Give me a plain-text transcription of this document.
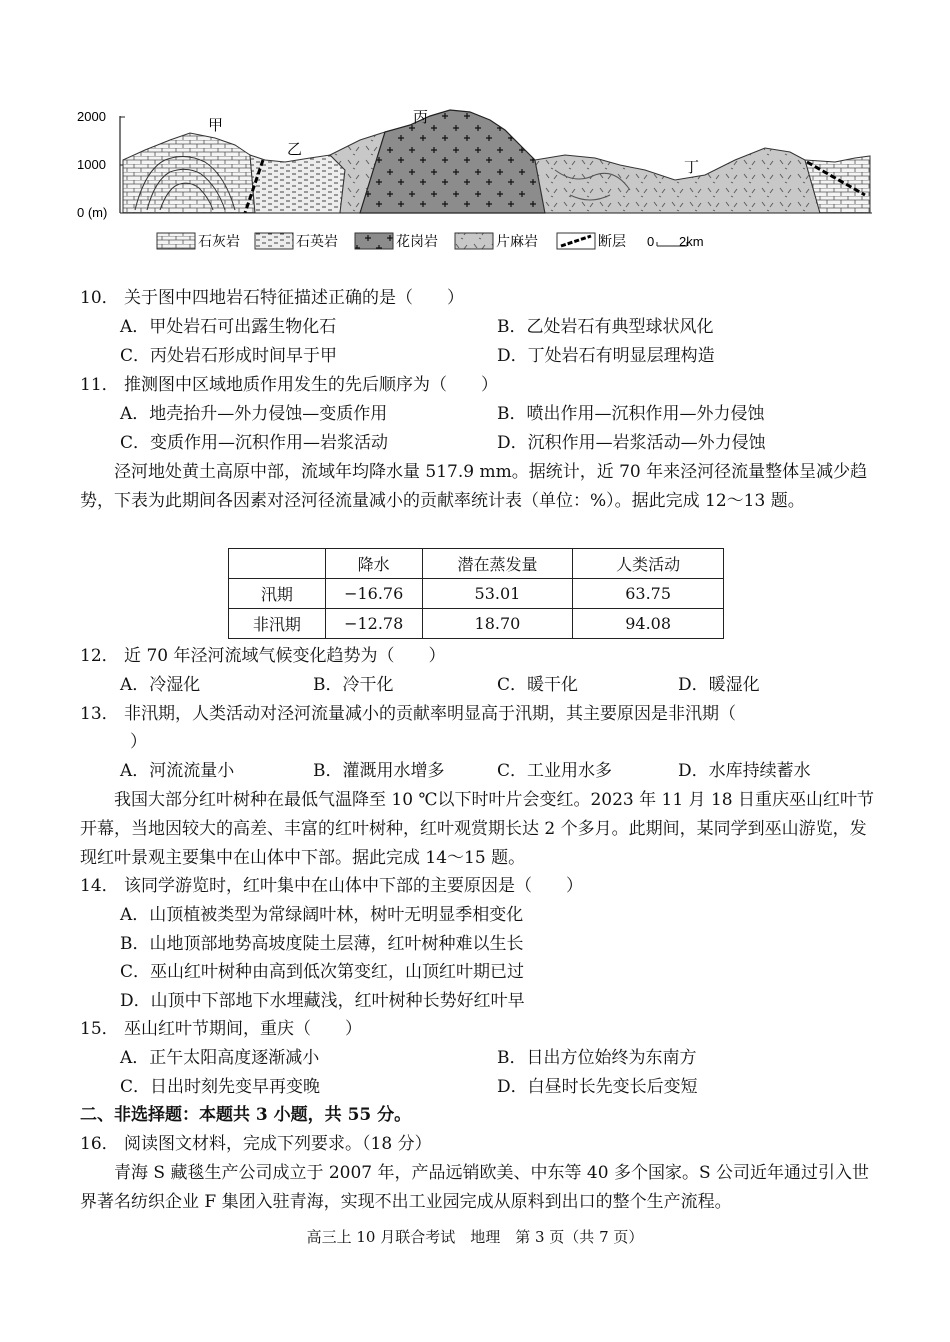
2000
1000
0 (m)
甲
乙
丙
丁
石灰岩	石英岩	花岗岩	片麻岩	断层 0 2km
10． 关于图中四地岩石特征描述正确的是（　　）
A．甲处岩石可出露生物化石	B．乙处岩石有典型球状风化
C．丙处岩石形成时间早于甲	D．丁处岩石有明显层理构造
11． 推测图中区域地质作用发生的先后顺序为（　　）
A．地壳抬升—外力侵蚀—变质作用	B．喷出作用—沉积作用—外力侵蚀
C．变质作用—沉积作用—岩浆活动	D．沉积作用—岩浆活动—外力侵蚀
泾河地处黄土高原中部，流域年均降水量 517.9 mm。据统计，近 70 年来泾河径流量整体呈减少趋势，下表为此期间各因素对泾河径流量减小的贡献率统计表（单位：%）。据此完成 12～13 题。
	降水	潜在蒸发量	人类活动
汛期	−16.76	53.01	63.75
非汛期	−12.78	18.70	94.08
12． 近 70 年泾河流域气候变化趋势为（　　）
A．冷湿化	B．冷干化	C．暖干化	D．暖湿化
13． 非汛期，人类活动对泾河流量减小的贡献率明显高于汛期，其主要原因是非汛期（
）
A．河流流量小	B．灌溉用水增多	C．工业用水多	D．水库持续蓄水
我国大部分红叶树种在最低气温降至 10 ℃以下时叶片会变红。2023 年 11 月 18 日重庆巫山红叶节开幕，当地因较大的高差、丰富的红叶树种，红叶观赏期长达 2 个多月。此期间，某同学到巫山游览，发现红叶景观主要集中在山体中下部。据此完成 14～15 题。
14． 该同学游览时，红叶集中在山体中下部的主要原因是（　　）
A．山顶植被类型为常绿阔叶林，树叶无明显季相变化
B．山地顶部地势高坡度陡土层薄，红叶树种难以生长
C．巫山红叶树种由高到低次第变红，山顶红叶期已过
D．山顶中下部地下水埋藏浅，红叶树种长势好红叶早
15． 巫山红叶节期间，重庆（　　）
A．正午太阳高度逐渐减小	B．日出方位始终为东南方
C．日出时刻先变早再变晚	D．白昼时长先变长后变短
二、非选择题：本题共 3 小题，共 55 分。
16． 阅读图文材料，完成下列要求。（18 分）
青海 S 藏毯生产公司成立于 2007 年，产品远销欧美、中东等 40 多个国家。S 公司近年通过引入世界著名纺织企业 F 集团入驻青海，实现不出工业园完成从原料到出口的整个生产流程。
高三上 10 月联合考试　地理　第 3 页（共 7 页）
